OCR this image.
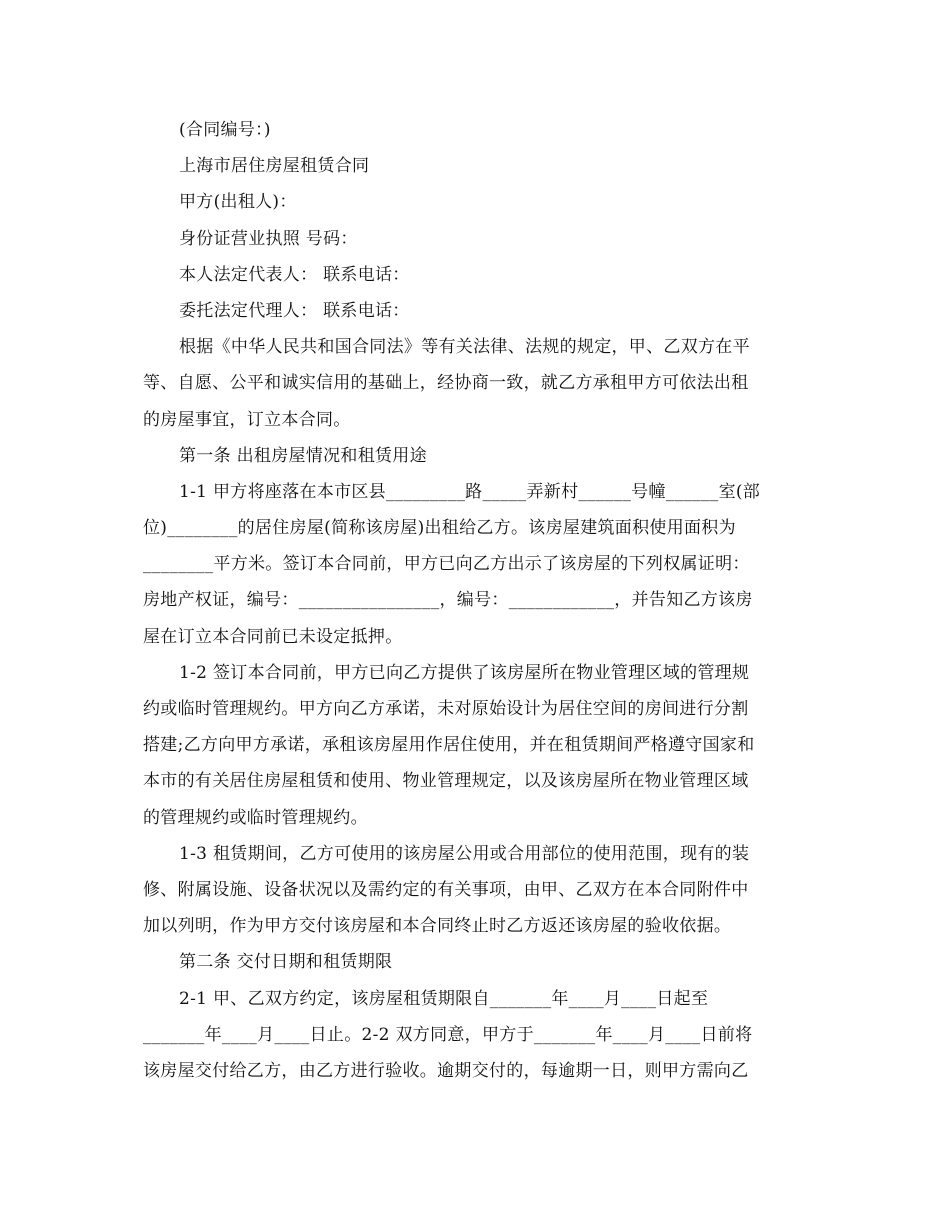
(合同编号：)
上海市居住房屋租赁合同
甲方(出租人)：
身份证营业执照 号码：
本人法定代表人： 联系电话：
委托法定代理人： 联系电话：
根据《中华人民共和国合同法》等有关法律、法规的规定，甲、乙双方在平
等、自愿、公平和诚实信用的基础上，经协商一致，就乙方承租甲方可依法出租
的房屋事宜，订立本合同。
第一条 出租房屋情况和租赁用途
1-1 甲方将座落在本市区县_________路_____弄新村______号幢______室(部
位)________的居住房屋(简称该房屋)出租给乙方。该房屋建筑面积使用面积为
________平方米。签订本合同前，甲方已向乙方出示了该房屋的下列权属证明：
房地产权证，编号：________________，编号：____________，并告知乙方该房
屋在订立本合同前已未设定抵押。
1-2 签订本合同前，甲方已向乙方提供了该房屋所在物业管理区域的管理规
约或临时管理规约。甲方向乙方承诺，未对原始设计为居住空间的房间进行分割
搭建;乙方向甲方承诺，承租该房屋用作居住使用，并在租赁期间严格遵守国家和
本市的有关居住房屋租赁和使用、物业管理规定，以及该房屋所在物业管理区域
的管理规约或临时管理规约。
1-3 租赁期间，乙方可使用的该房屋公用或合用部位的使用范围，现有的装
修、附属设施、设备状况以及需约定的有关事项，由甲、乙双方在本合同附件中
加以列明，作为甲方交付该房屋和本合同终止时乙方返还该房屋的验收依据。
第二条 交付日期和租赁期限
2-1 甲、乙双方约定，该房屋租赁期限自_______年____月____日起至
_______年____月____日止。2-2 双方同意，甲方于_______年____月____日前将
该房屋交付给乙方，由乙方进行验收。逾期交付的，每逾期一日，则甲方需向乙
